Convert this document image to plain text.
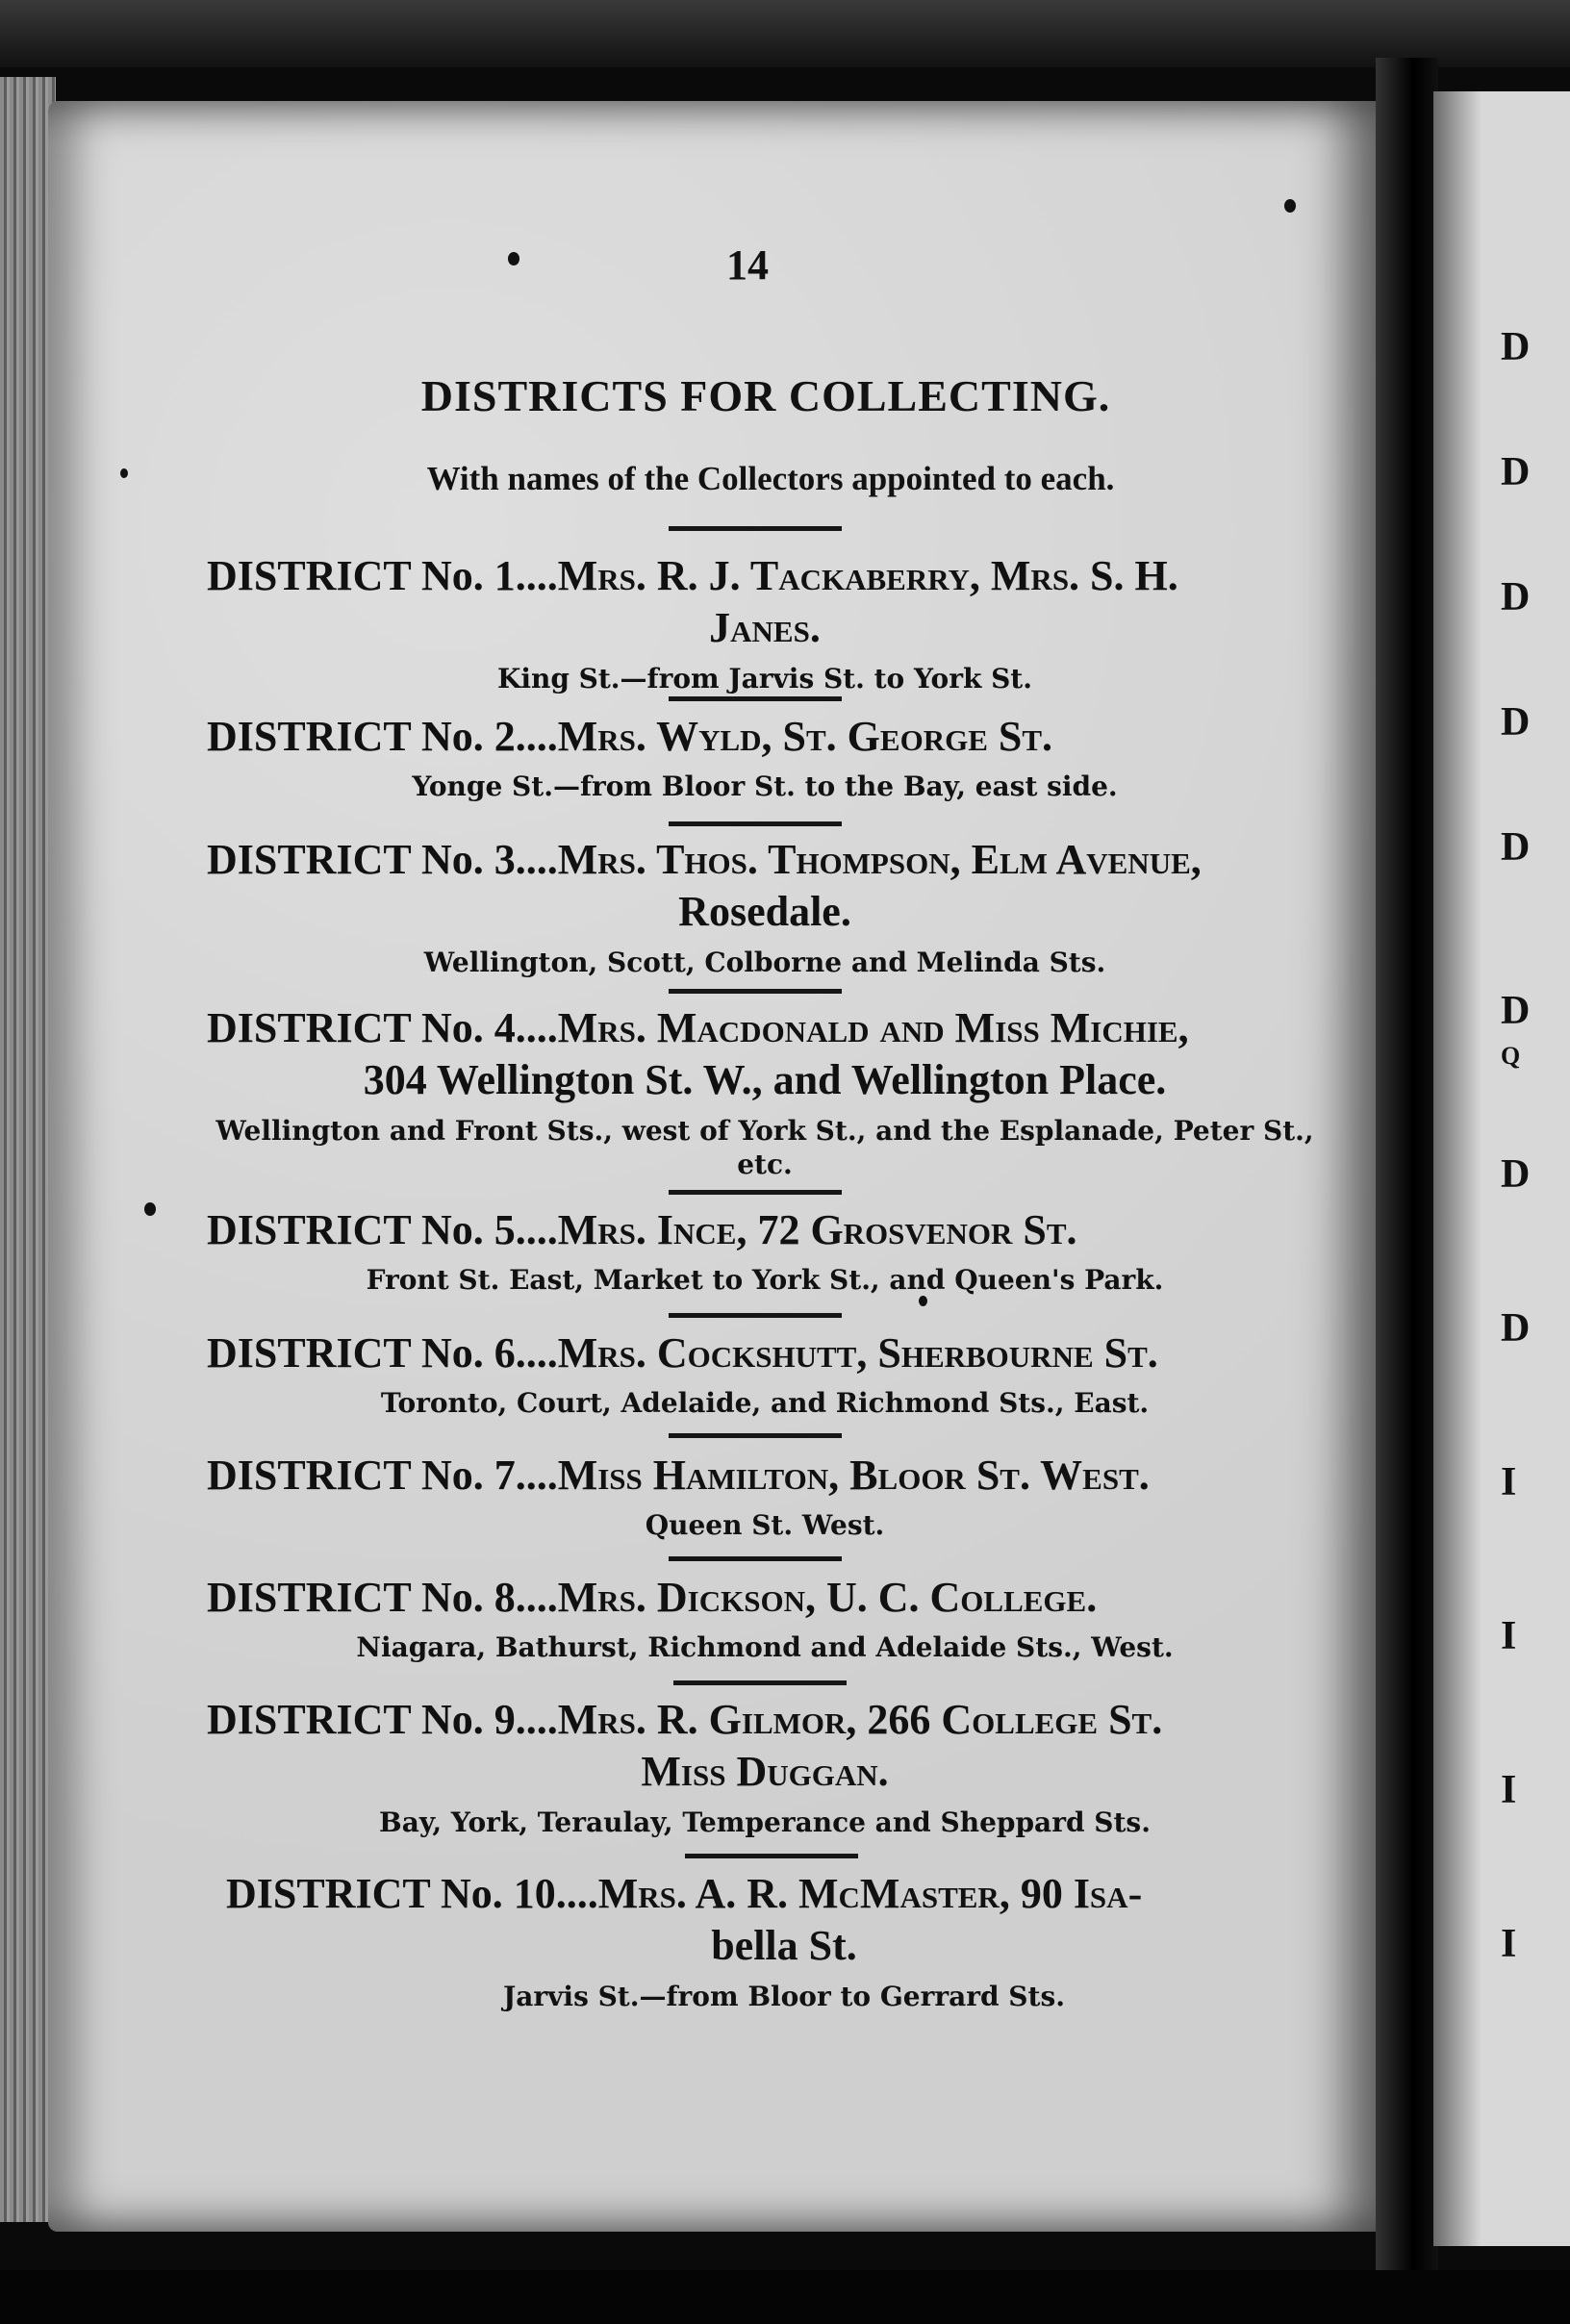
D
D
D
D
D
D
Q
D
D
I
I
I
I
14
DISTRICTS FOR COLLECTING.
With names of the Collectors appointed to each.
DISTRICT No. 1....Mrs. R. J. Tackaberry, Mrs. S. H.
Janes.
King St.—from Jarvis St. to York St.
DISTRICT No. 2....Mrs. Wyld, St. George St.
Yonge St.—from Bloor St. to the Bay, east side.
DISTRICT No. 3....Mrs. Thos. Thompson, Elm Avenue,
Rosedale.
Wellington, Scott, Colborne and Melinda Sts.
DISTRICT No. 4....Mrs. Macdonald and Miss Michie,
304 Wellington St. W., and Wellington Place.
Wellington and Front Sts., west of York St., and the Esplanade, Peter St., etc.
DISTRICT No. 5....Mrs. Ince, 72 Grosvenor St.
Front St. East, Market to York St., and Queen's Park.
DISTRICT No. 6....Mrs. Cockshutt, Sherbourne St.
Toronto, Court, Adelaide, and Richmond Sts., East.
DISTRICT No. 7....Miss Hamilton, Bloor St. West.
Queen St. West.
DISTRICT No. 8....Mrs. Dickson, U. C. College.
Niagara, Bathurst, Richmond and Adelaide Sts., West.
DISTRICT No. 9....Mrs. R. Gilmor, 266 College St.
Miss Duggan.
Bay, York, Teraulay, Temperance and Sheppard Sts.
DISTRICT No. 10....Mrs. A. R. McMaster, 90 Isa-
bella St.
Jarvis St.—from Bloor to Gerrard Sts.
